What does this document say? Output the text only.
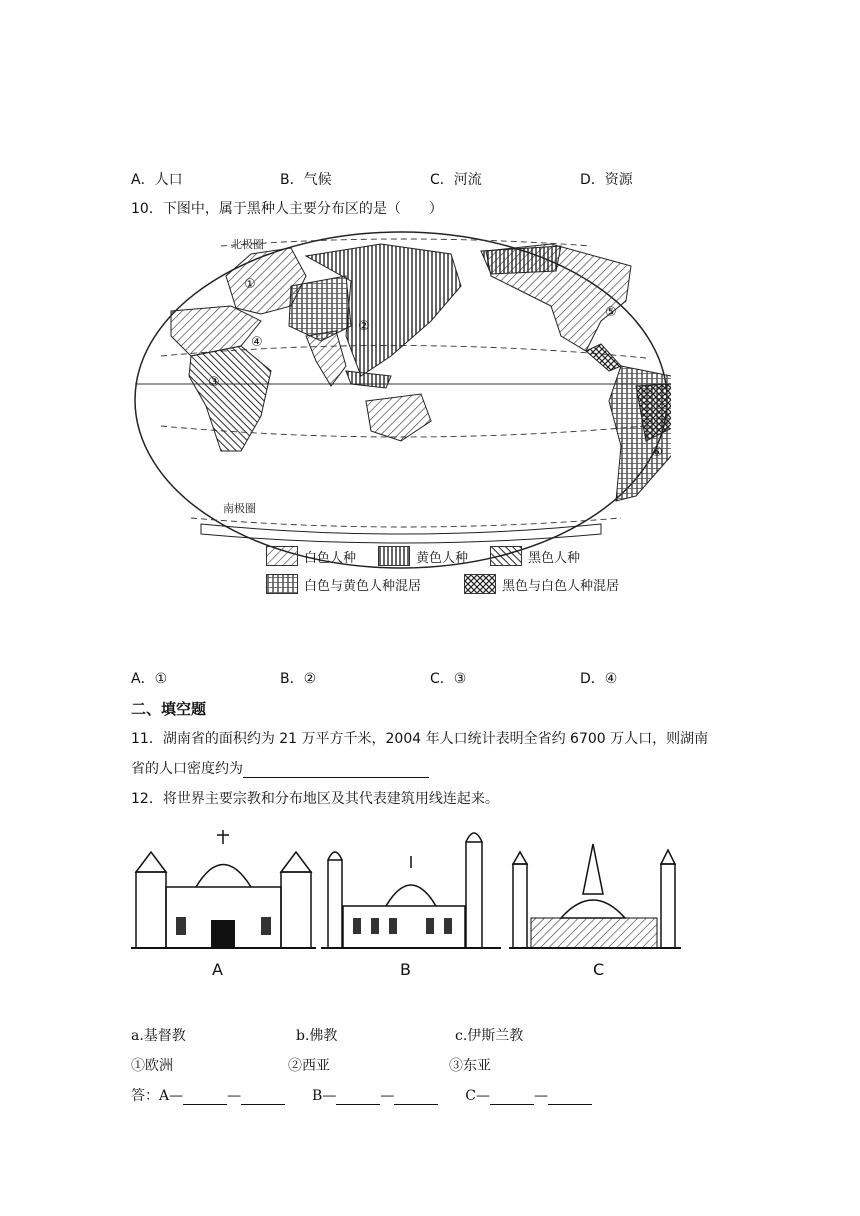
A．人口	B．气候	C．河流	D．资源
10．下图中，属于黑种人主要分布区的是（　　）
北极圈
南极圈
①
②
③
④
⑤
⑥
白色人种	黄色人种	黑色人种
白色与黄色人种混居	黑色与白色人种混居
A．①	B．②	C．③	D．④
二、填空题
11．湖南省的面积约为 21 万平方千米，2004 年人口统计表明全省约 6700 万人口，则湖南
省的人口密度约为
12．将世界主要宗教和分布地区及其代表建筑用线连起来。
A	B	C
a.基督教	b.佛教	c.伊斯兰教
①欧洲	②西亚	③东亚
答：A—	—	B—	—	C—	—
